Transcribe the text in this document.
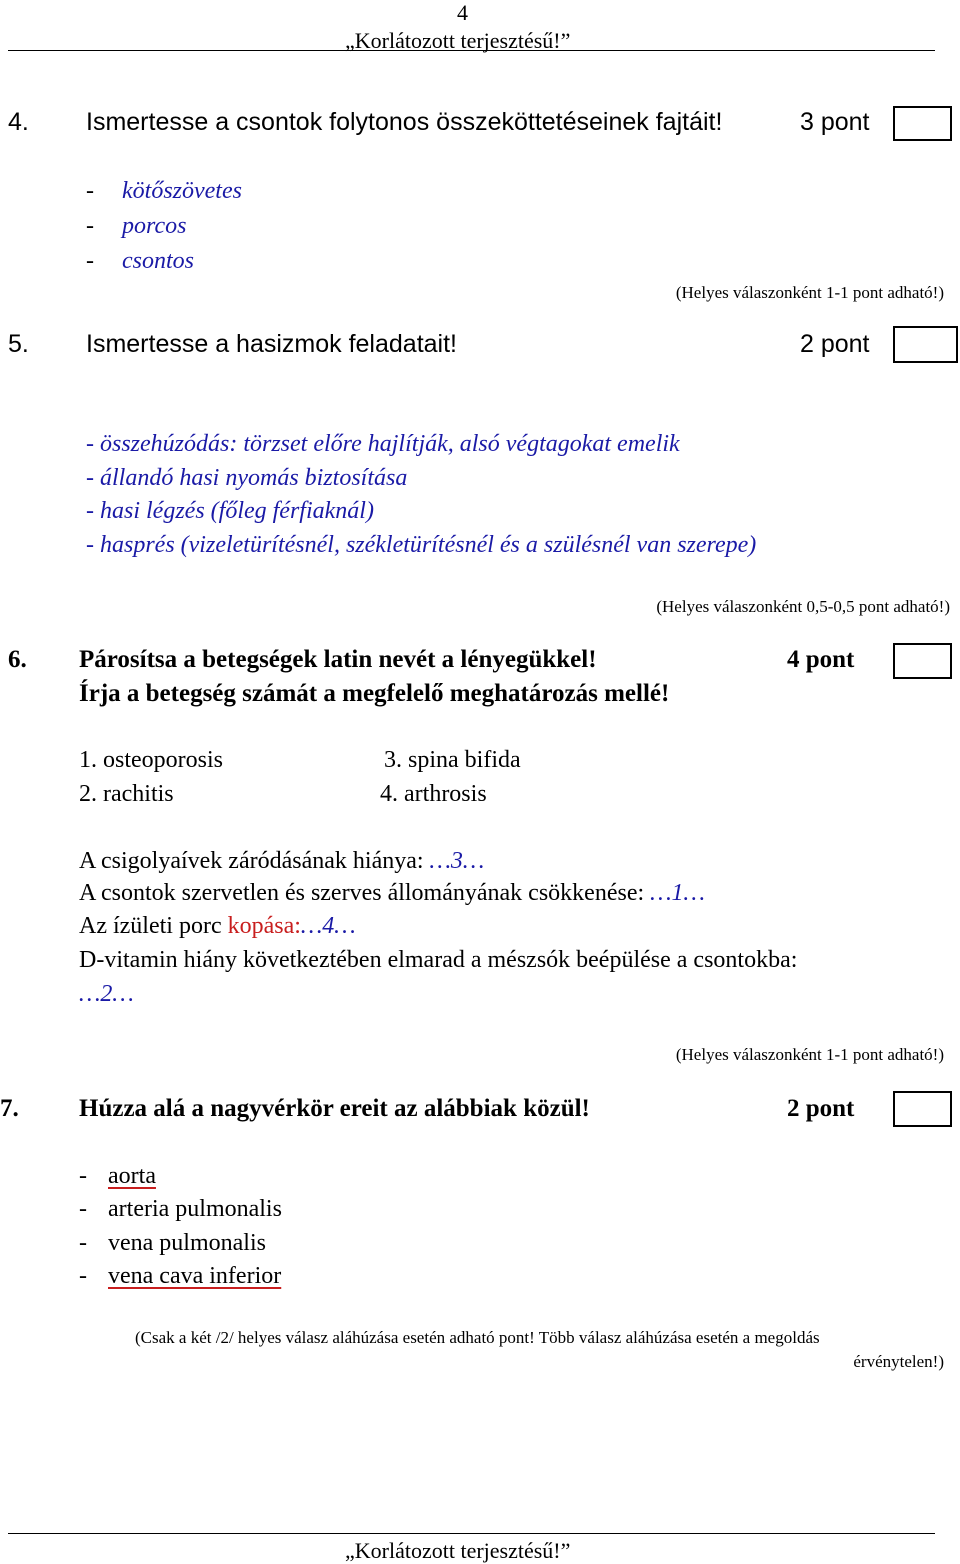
4
„Korlátozott terjesztésű!”
4. Ismertesse a csontok folytonos összeköttetéseinek fajtáit!	3 pont
- kötőszövetes
- porcos
- csontos
(Helyes válaszonként 1-1 pont adható!)
5. Ismertesse a hasizmok feladatait!	2 pont
- összehúzódás: törzset előre hajlítják, alsó végtagokat emelik
- állandó hasi nyomás biztosítása
- hasi légzés (főleg férfiaknál)
- hasprés (vizeletürítésnél, székletürítésnél és a szülésnél van szerepe)
(Helyes válaszonként 0,5-0,5 pont adható!)
6. Párosítsa a betegségek latin nevét a lényegükkel!	4 pont
Írja a betegség számát a megfelelő meghatározás mellé!
1. osteoporosis	3. spina bifida
2. rachitis	4. arthrosis
A csigolyaívek záródásának hiánya: …3…
A csontok szervetlen és szerves állományának csökkenése: …1…
Az ízületi porc kopása:…4…
D-vitamin hiány következtében elmarad a mészsók beépülése a csontokba:
…2…
(Helyes válaszonként 1-1 pont adható!)
7. Húzza alá a nagyvérkör ereit az alábbiak közül!	2 pont
- aorta
- arteria pulmonalis
- vena pulmonalis
- vena cava inferior
(Csak a két /2/ helyes válasz aláhúzása esetén adható pont! Több válasz aláhúzása esetén a megoldás
érvénytelen!)
„Korlátozott terjesztésű!”
